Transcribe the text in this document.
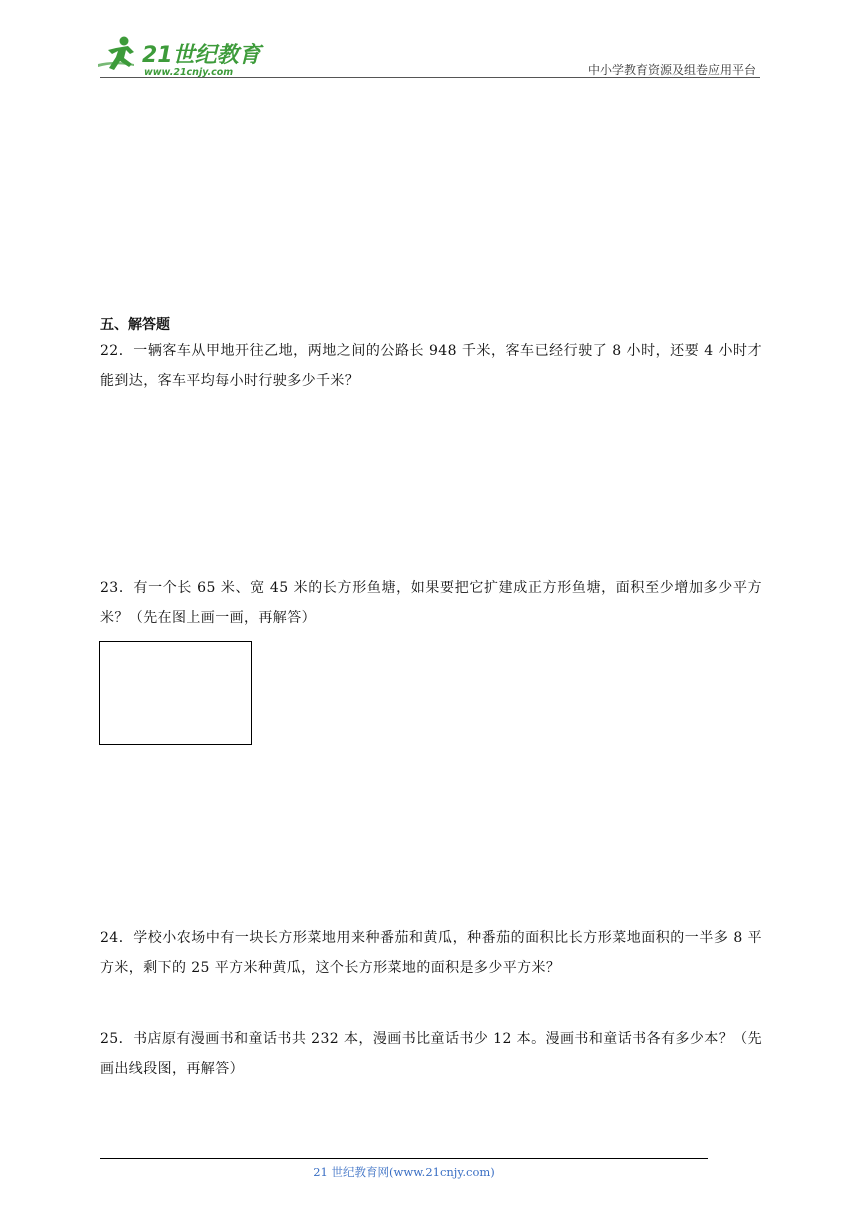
21世纪教育
www.21cnjy.com	中小学教育资源及组卷应用平台
五、解答题
22．一辆客车从甲地开往乙地，两地之间的公路长 948 千米，客车已经行驶了 8 小时，还要 4 小时才能到达，客车平均每小时行驶多少千米？
23．有一个长 65 米、宽 45 米的长方形鱼塘，如果要把它扩建成正方形鱼塘，面积至少增加多少平方米？（先在图上画一画，再解答）
24．学校小农场中有一块长方形菜地用来种番茄和黄瓜，种番茄的面积比长方形菜地面积的一半多 8 平方米，剩下的 25 平方米种黄瓜，这个长方形菜地的面积是多少平方米？
25．书店原有漫画书和童话书共 232 本，漫画书比童话书少 12 本。漫画书和童话书各有多少本？（先画出线段图，再解答）
21 世纪教育网(www.21cnjy.com)
